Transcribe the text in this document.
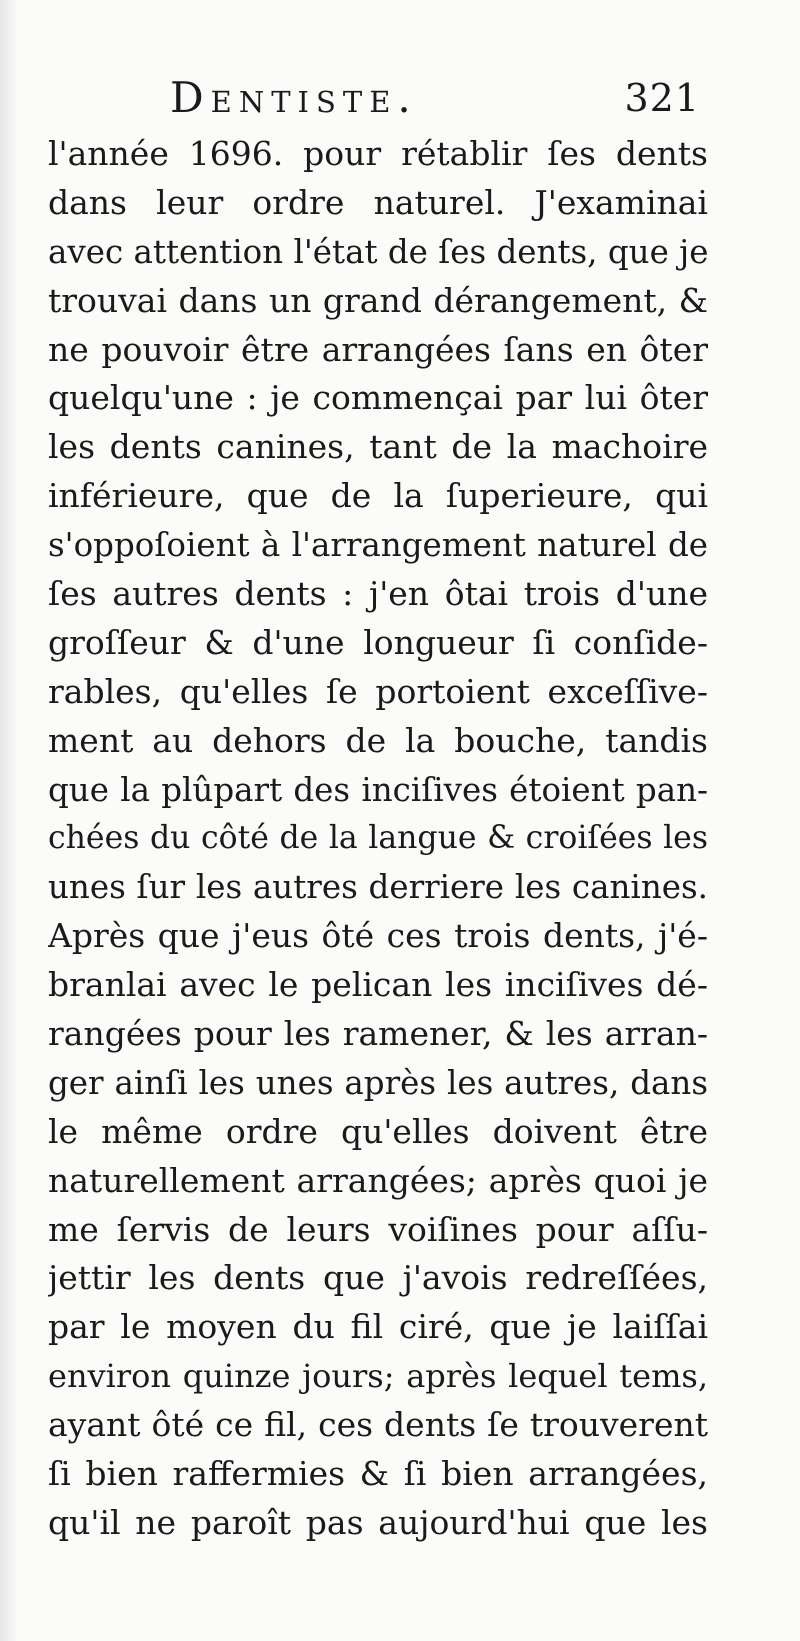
Dentiste.	321
l'année 1696. pour rétablir ſes dents
dans leur ordre naturel. J'examinai
avec attention l'état de ſes dents, que je
trouvai dans un grand dérangement, &
ne pouvoir être arrangées ſans en ôter
quelqu'une : je commençai par lui ôter
les dents canines, tant de la machoire
inférieure, que de la ſuperieure, qui
s'oppoſoient à l'arrangement naturel de
ſes autres dents : j'en ôtai trois d'une
groſſeur & d'une longueur ſi conſide-
rables, qu'elles ſe portoient exceſſive-
ment au dehors de la bouche, tandis
que la plûpart des inciſives étoient pan-
chées du côté de la langue & croiſées les
unes ſur les autres derriere les canines.
Après que j'eus ôté ces trois dents, j'é-
branlai avec le pelican les inciſives dé-
rangées pour les ramener, & les arran-
ger ainſi les unes après les autres, dans
le même ordre qu'elles doivent être
naturellement arrangées; après quoi je
me ſervis de leurs voiſines pour aſſu-
jettir les dents que j'avois redreſſées,
par le moyen du fil ciré, que je laiſſai
environ quinze jours; après lequel tems,
ayant ôté ce fil, ces dents ſe trouverent
ſi bien raffermies & ſi bien arrangées,
qu'il ne paroît pas aujourd'hui que les
